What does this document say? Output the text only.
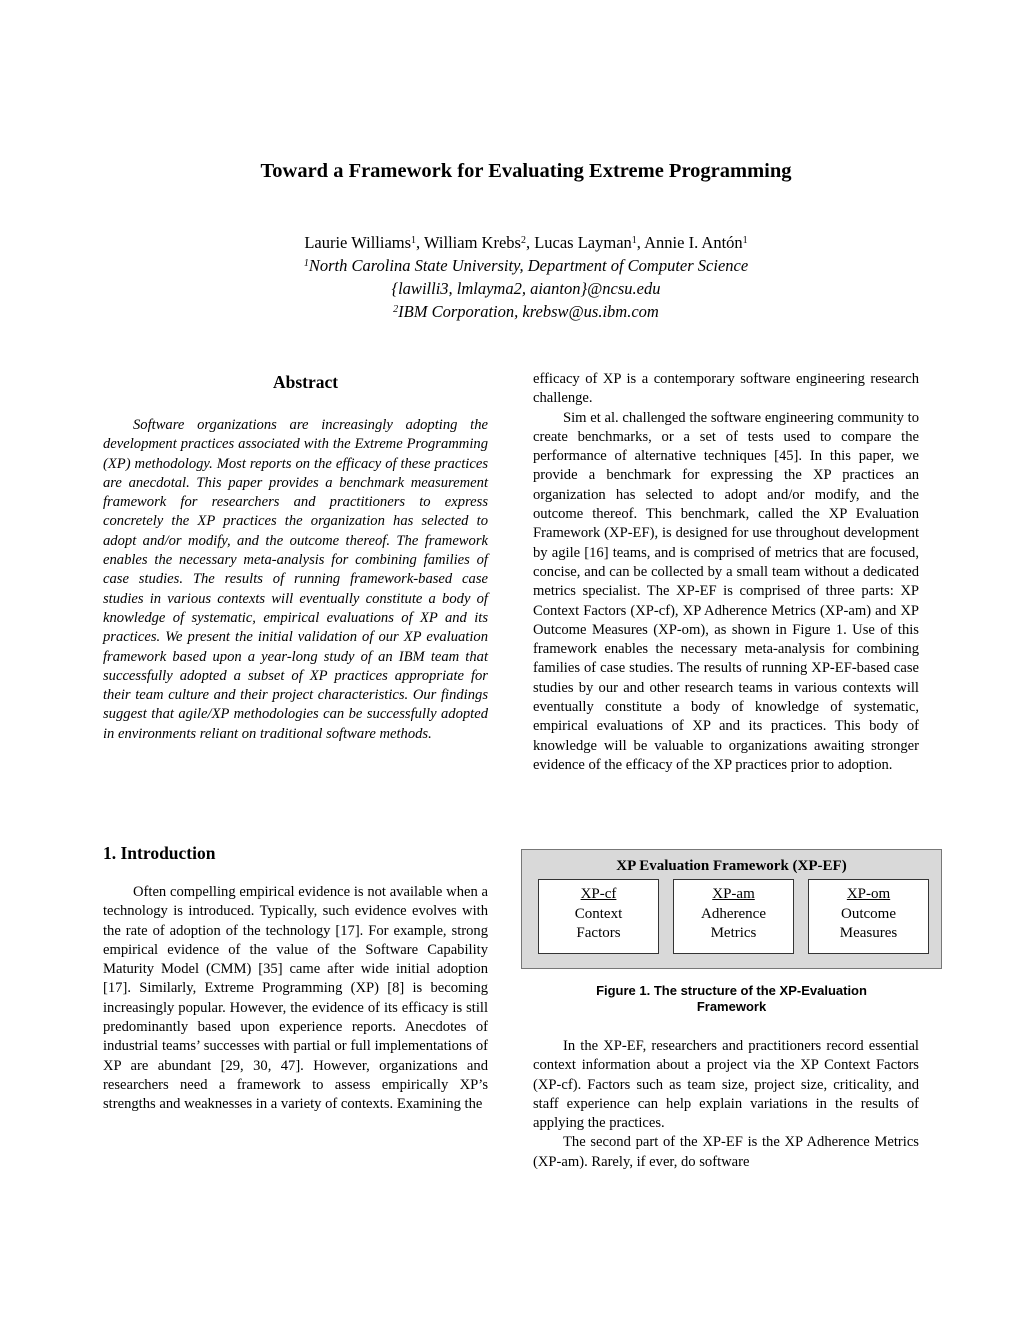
Toward a Framework for Evaluating Extreme Programming
Laurie Williams$^1$, William Krebs$^2$, Lucas Layman$^1$, Annie I. Antón$^1$
$^1$North Carolina State University, Department of Computer Science
{lawilli3, lmlayma2, aianton}@ncsu.edu
$^2$IBM Corporation, krebsw@us.ibm.com
Abstract

Software organizations are increasingly adopting the development practices associated with the Extreme Programming (XP) methodology. Most reports on the efficacy of these practices are anecdotal. This paper provides a benchmark measurement framework for researchers and practitioners to express concretely the XP practices the organization has selected to adopt and/or modify, and the outcome thereof. The framework enables the necessary meta-analysis for combining families of case studies. The results of running framework-based case studies in various contexts will eventually constitute a body of knowledge of systematic, empirical evaluations of XP and its practices. We present the initial validation of our XP evaluation framework based upon a year-long study of an IBM team that successfully adopted a subset of XP practices appropriate for their team culture and their project characteristics. Our findings suggest that agile/XP methodologies can be successfully adopted in environments reliant on traditional software methods.

1. Introduction

Often compelling empirical evidence is not available when a technology is introduced. Typically, such evidence evolves with the rate of adoption of the technology [17]. For example, strong empirical evidence of the value of the Software Capability Maturity Model (CMM) [35] came after wide initial adoption [17]. Similarly, Extreme Programming (XP) [8] is becoming increasingly popular. However, the evidence of its efficacy is still predominantly based upon experience reports. Anecdotes of industrial teams’ successes with partial or full implementations of XP are abundant [29, 30, 47]. However, organizations and researchers need a framework to assess empirically XP’s strengths and weaknesses in a variety of contexts. Examining the

efficacy of XP is a contemporary software engineering research challenge.

Sim et al. challenged the software engineering community to create benchmarks, or a set of tests used to compare the performance of alternative techniques [45]. In this paper, we provide a benchmark for expressing the XP practices an organization has selected to adopt and/or modify, and the outcome thereof. This benchmark, called the XP Evaluation Framework (XP-EF), is designed for use throughout development by agile [16] teams, and is comprised of metrics that are focused, concise, and can be collected by a small team without a dedicated metrics specialist. The XP-EF is comprised of three parts: XP Context Factors (XP-cf), XP Adherence Metrics (XP-am) and XP Outcome Measures (XP-om), as shown in Figure 1. Use of this framework enables the necessary meta-analysis for combining families of case studies. The results of running XP-EF-based case studies by our and other research teams in various contexts will eventually constitute a body of knowledge of systematic, empirical evaluations of XP and its practices. This body of knowledge will be valuable to organizations awaiting stronger evidence of the efficacy of the XP practices prior to adoption.

XP Evaluation Framework (XP-EF)
XP-cf
Context
Factors
XP-am
Adherence
Metrics
XP-om
Outcome
Measures
Figure 1. The structure of the XP-Evaluation
Framework

In the XP-EF, researchers and practitioners record essential context information about a project via the XP Context Factors (XP-cf). Factors such as team size, project size, criticality, and staff experience can help explain variations in the results of applying the practices.

The second part of the XP-EF is the XP Adherence Metrics (XP-am). Rarely, if ever, do software
